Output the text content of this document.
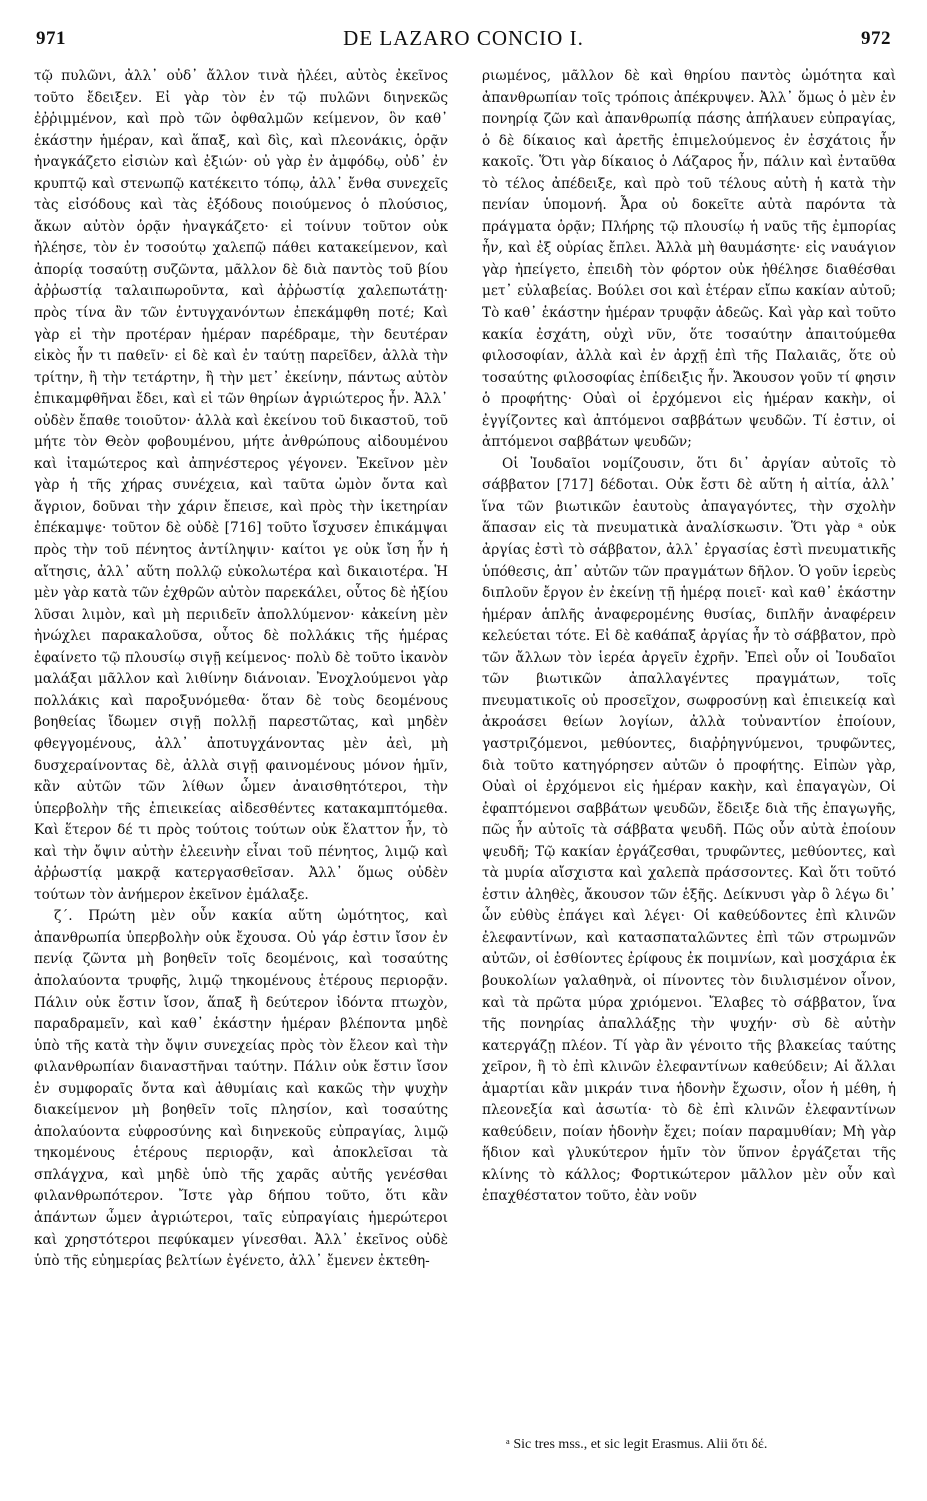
971	DE LAZARO CONCIO I.	972

τῷ πυλῶνι, ἀλλ᾽ οὐδ᾽ ἄλλον τινὰ ἠλέει, αὐτὸς ἐκεῖνος τοῦτο ἔδειξεν. Εἰ γὰρ τὸν ἐν τῷ πυλῶνι διηνεκῶς ἐῤῥιμμένον, καὶ πρὸ τῶν ὀφθαλμῶν κείμενον, ὃν καθ᾽ ἑκάστην ἡμέραν, καὶ ἅπαξ, καὶ δὶς, καὶ πλεονάκις, ὁρᾷν ἠναγκάζετο εἰσιὼν καὶ ἐξιών· οὐ γὰρ ἐν ἀμφόδῳ, οὐδ᾽ ἐν κρυπτῷ καὶ στενωπῷ κατέκειτο τόπῳ, ἀλλ᾽ ἔνθα συνεχεῖς τὰς εἰσόδους καὶ τὰς ἐξόδους ποιούμενος ὁ πλούσιος, ἄκων αὐτὸν ὁρᾷν ἠναγκάζετο· εἰ τοίνυν τοῦτον οὐκ ἠλέησε, τὸν ἐν τοσούτῳ χαλεπῷ πάθει κατακείμενον, καὶ ἀπορίᾳ τοσαύτῃ συζῶντα, μᾶλλον δὲ διὰ παντὸς τοῦ βίου ἀῤῥωστίᾳ ταλαιπωροῦντα, καὶ ἀῤῥωστίᾳ χαλεπωτάτῃ· πρὸς τίνα ἂν τῶν ἐντυγχανόντων ἐπεκάμφθη ποτέ; Καὶ γὰρ εἰ τὴν προτέραν ἡμέραν παρέδραμε, τὴν δευτέραν εἰκὸς ἦν τι παθεῖν· εἰ δὲ καὶ ἐν ταύτῃ παρεῖδεν, ἀλλὰ τὴν τρίτην, ἢ τὴν τετάρτην, ἢ τὴν μετ᾽ ἐκείνην, πάντως αὐτὸν ἐπικαμφθῆναι ἔδει, καὶ εἰ τῶν θηρίων ἀγριώτερος ἦν. Ἀλλ᾽ οὐδὲν ἔπαθε τοιοῦτον· ἀλλὰ καὶ ἐκείνου τοῦ δικαστοῦ, τοῦ μήτε τὸν Θεὸν φοβουμένου, μήτε ἀνθρώπους αἰδουμένου καὶ ἰταμώτερος καὶ ἀπηνέστερος γέγονεν. Ἐκεῖνον μὲν γὰρ ἡ τῆς χήρας συνέχεια, καὶ ταῦτα ὠμὸν ὄντα καὶ ἄγριον, δοῦναι τὴν χάριν ἔπεισε, καὶ πρὸς τὴν ἱκετηρίαν ἐπέκαμψε· τοῦτον δὲ οὐδὲ [716] τοῦτο ἴσχυσεν ἐπικάμψαι πρὸς τὴν τοῦ πένητος ἀντίληψιν· καίτοι γε οὐκ ἴση ἦν ἡ αἴτησις, ἀλλ᾽ αὕτη πολλῷ εὐκολωτέρα καὶ δικαιοτέρα. Ἡ μὲν γὰρ κατὰ τῶν ἐχθρῶν αὐτὸν παρεκάλει, οὗτος δὲ ἠξίου λῦσαι λιμὸν, καὶ μὴ περιιδεῖν ἀπολλύμενον· κἀκείνη μὲν ἠνώχλει παρακαλοῦσα, οὗτος δὲ πολλάκις τῆς ἡμέρας ἐφαίνετο τῷ πλουσίῳ σιγῇ κείμενος· πολὺ δὲ τοῦτο ἱκανὸν μαλάξαι μᾶλλον καὶ λιθίνην διάνοιαν. Ἐνοχλούμενοι γὰρ πολλάκις καὶ παροξυνόμεθα· ὅταν δὲ τοὺς δεομένους βοηθείας ἴδωμεν σιγῇ πολλῇ παρεστῶτας, καὶ μηδὲν φθεγγομένους, ἀλλ᾽ ἀποτυγχάνοντας μὲν ἀεὶ, μὴ δυσχεραίνοντας δὲ, ἀλλὰ σιγῇ φαινομένους μόνον ἡμῖν, κἂν αὐτῶν τῶν λίθων ὦμεν ἀναισθητότεροι, τὴν ὑπερβολὴν τῆς ἐπιεικείας αἰδεσθέντες κατακαμπτόμεθα. Καὶ ἕτερον δέ τι πρὸς τούτοις τούτων οὐκ ἔλαττον ἦν, τὸ καὶ τὴν ὄψιν αὐτὴν ἐλεεινὴν εἶναι τοῦ πένητος, λιμῷ καὶ ἀῤῥωστίᾳ μακρᾷ κατεργασθεῖσαν. Ἀλλ᾽ ὅμως οὐδὲν τούτων τὸν ἀνήμερον ἐκεῖνον ἐμάλαξε.

ζ΄. Πρώτη μὲν οὖν κακία αὕτη ὠμότητος, καὶ ἀπανθρωπία ὑπερβολὴν οὐκ ἔχουσα. Οὐ γάρ ἐστιν ἴσον ἐν πενίᾳ ζῶντα μὴ βοηθεῖν τοῖς δεομένοις, καὶ τοσαύτης ἀπολαύοντα τρυφῆς, λιμῷ τηκομένους ἑτέρους περιορᾷν. Πάλιν οὐκ ἔστιν ἴσον, ἅπαξ ἢ δεύτερον ἰδόντα πτωχὸν, παραδραμεῖν, καὶ καθ᾽ ἑκάστην ἡμέραν βλέποντα μηδὲ ὑπὸ τῆς κατὰ τὴν ὄψιν συνεχείας πρὸς τὸν ἔλεον καὶ τὴν φιλανθρωπίαν διαναστῆναι ταύτην. Πάλιν οὐκ ἔστιν ἴσον ἐν συμφοραῖς ὄντα καὶ ἀθυμίαις καὶ κακῶς τὴν ψυχὴν διακείμενον μὴ βοηθεῖν τοῖς πλησίον, καὶ τοσαύτης ἀπολαύοντα εὐφροσύνης καὶ διηνεκοῦς εὐπραγίας, λιμῷ τηκομένους ἑτέρους περιορᾷν, καὶ ἀποκλεῖσαι τὰ σπλάγχνα, καὶ μηδὲ ὑπὸ τῆς χαρᾶς αὐτῆς γενέσθαι φιλανθρωπότερον. Ἴστε γὰρ δήπου τοῦτο, ὅτι κἂν ἁπάντων ὦμεν ἀγριώτεροι, ταῖς εὐπραγίαις ἡμερώτεροι καὶ χρηστότεροι πεφύκαμεν γίνεσθαι. Ἀλλ᾽ ἐκεῖνος οὐδὲ ὑπὸ τῆς εὐημερίας βελτίων ἐγένετο, ἀλλ᾽ ἔμενεν ἐκτεθη-

ριωμένος, μᾶλλον δὲ καὶ θηρίου παντὸς ὠμότητα καὶ ἀπανθρωπίαν τοῖς τρόποις ἀπέκρυψεν. Ἀλλ᾽ ὅμως ὁ μὲν ἐν πονηρίᾳ ζῶν καὶ ἀπανθρωπίᾳ πάσης ἀπήλαυεν εὐπραγίας, ὁ δὲ δίκαιος καὶ ἀρετῆς ἐπιμελούμενος ἐν ἐσχάτοις ἦν κακοῖς. Ὅτι γὰρ δίκαιος ὁ Λάζαρος ἦν, πάλιν καὶ ἐνταῦθα τὸ τέλος ἀπέδειξε, καὶ πρὸ τοῦ τέλους αὐτὴ ἡ κατὰ τὴν πενίαν ὑπομονή. Ἆρα οὐ δοκεῖτε αὐτὰ παρόντα τὰ πράγματα ὁρᾷν; Πλήρης τῷ πλουσίῳ ἡ ναῦς τῆς ἐμπορίας ἦν, καὶ ἐξ οὐρίας ἔπλει. Ἀλλὰ μὴ θαυμάσητε· εἰς ναυάγιον γὰρ ἠπείγετο, ἐπειδὴ τὸν φόρτον οὐκ ἠθέλησε διαθέσθαι μετ᾽ εὐλαβείας. Βούλει σοι καὶ ἑτέραν εἴπω κακίαν αὐτοῦ; Τὸ καθ᾽ ἑκάστην ἡμέραν τρυφᾷν ἀδεῶς. Καὶ γὰρ καὶ τοῦτο κακία ἐσχάτη, οὐχὶ νῦν, ὅτε τοσαύτην ἀπαιτούμεθα φιλοσοφίαν, ἀλλὰ καὶ ἐν ἀρχῇ ἐπὶ τῆς Παλαιᾶς, ὅτε οὐ τοσαύτης φιλοσοφίας ἐπίδειξις ἦν. Ἄκουσον γοῦν τί φησιν ὁ προφήτης· Οὐαὶ οἱ ἐρχόμενοι εἰς ἡμέραν κακὴν, οἱ ἐγγίζοντες καὶ ἀπτόμενοι σαββάτων ψευδῶν. Τί ἐστιν, οἱ ἀπτόμενοι σαββάτων ψευδῶν;

Οἱ Ἰουδαῖοι νομίζουσιν, ὅτι δι᾽ ἀργίαν αὐτοῖς τὸ σάββατον [717] δέδοται. Οὐκ ἔστι δὲ αὕτη ἡ αἰτία, ἀλλ᾽ ἵνα τῶν βιωτικῶν ἑαυτοὺς ἀπαγαγόντες, τὴν σχολὴν ἅπασαν εἰς τὰ πνευματικὰ ἀναλίσκωσιν. Ὅτι γὰρ ᵃ οὐκ ἀργίας ἐστὶ τὸ σάββατον, ἀλλ᾽ ἐργασίας ἐστὶ πνευματικῆς ὑπόθεσις, ἀπ᾽ αὐτῶν τῶν πραγμάτων δῆλον. Ὁ γοῦν ἱερεὺς διπλοῦν ἔργον ἐν ἐκείνῃ τῇ ἡμέρᾳ ποιεῖ· καὶ καθ᾽ ἑκάστην ἡμέραν ἁπλῆς ἀναφερομένης θυσίας, διπλῆν ἀναφέρειν κελεύεται τότε. Εἰ δὲ καθάπαξ ἀργίας ἦν τὸ σάββατον, πρὸ τῶν ἄλλων τὸν ἱερέα ἀργεῖν ἐχρῆν. Ἐπεὶ οὖν οἱ Ἰουδαῖοι τῶν βιωτικῶν ἀπαλλαγέντες πραγμάτων, τοῖς πνευματικοῖς οὐ προσεῖχον, σωφροσύνῃ καὶ ἐπιεικείᾳ καὶ ἀκροάσει θείων λογίων, ἀλλὰ τοὐναντίον ἐποίουν, γαστριζόμενοι, μεθύοντες, διαῤῥηγνύμενοι, τρυφῶντες, διὰ τοῦτο κατηγόρησεν αὐτῶν ὁ προφήτης. Εἰπὼν γὰρ, Οὐαὶ οἱ ἐρχόμενοι εἰς ἡμέραν κακὴν, καὶ ἐπαγαγὼν, Οἱ ἐφαπτόμενοι σαββάτων ψευδῶν, ἔδειξε διὰ τῆς ἐπαγωγῆς, πῶς ἦν αὐτοῖς τὰ σάββατα ψευδῆ. Πῶς οὖν αὐτὰ ἐποίουν ψευδῆ; Τῷ κακίαν ἐργάζεσθαι, τρυφῶντες, μεθύοντες, καὶ τὰ μυρία αἴσχιστα καὶ χαλεπὰ πράσσοντες. Καὶ ὅτι τοῦτό ἐστιν ἀληθὲς, ἄκουσον τῶν ἑξῆς. Δείκνυσι γὰρ ὃ λέγω δι᾽ ὧν εὐθὺς ἐπάγει καὶ λέγει· Οἱ καθεύδοντες ἐπὶ κλινῶν ἐλεφαντίνων, καὶ κατασπαταλῶντες ἐπὶ τῶν στρωμνῶν αὐτῶν, οἱ ἐσθίοντες ἐρίφους ἐκ ποιμνίων, καὶ μοσχάρια ἐκ βουκολίων γαλαθηνὰ, οἱ πίνοντες τὸν διυλισμένον οἶνον, καὶ τὰ πρῶτα μύρα χριόμενοι. Ἔλαβες τὸ σάββατον, ἵνα τῆς πονηρίας ἀπαλλάξῃς τὴν ψυχήν· σὺ δὲ αὐτὴν κατεργάζῃ πλέον. Τί γὰρ ἂν γένοιτο τῆς βλακείας ταύτης χεῖρον, ἢ τὸ ἐπὶ κλινῶν ἐλεφαντίνων καθεύδειν; Αἱ ἄλλαι ἁμαρτίαι κἂν μικράν τινα ἡδονὴν ἔχωσιν, οἷον ἡ μέθη, ἡ πλεονεξία καὶ ἀσωτία· τὸ δὲ ἐπὶ κλινῶν ἐλεφαντίνων καθεύδειν, ποίαν ἡδονὴν ἔχει; ποίαν παραμυθίαν; Μὴ γὰρ ἥδιον καὶ γλυκύτερον ἡμῖν τὸν ὕπνον ἐργάζεται τῆς κλίνης τὸ κάλλος; Φορτικώτερον μᾶλλον μὲν οὖν καὶ ἐπαχθέστατον τοῦτο, ἐὰν νοῦν

ᵃ Sic tres mss., et sic legit Erasmus. Alii ὅτι δέ.
